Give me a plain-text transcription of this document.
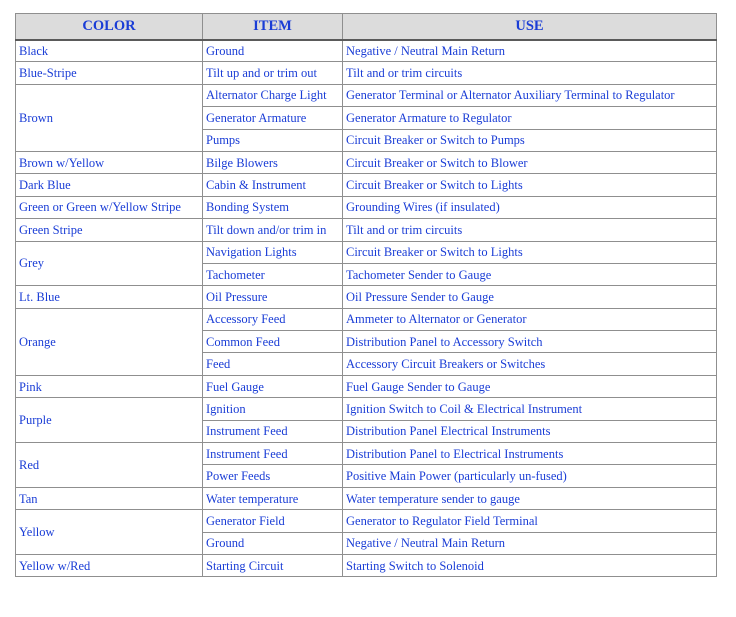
COLOR	ITEM	USE
Black	Ground	Negative / Neutral Main Return
Blue-Stripe	Tilt up and or trim out	Tilt and or trim circuits
Brown	Alternator Charge Light	Generator Terminal or Alternator Auxiliary Terminal to Regulator
	Generator Armature	Generator Armature to Regulator
	Pumps	Circuit Breaker or Switch to Pumps
Brown w/Yellow	Bilge Blowers	Circuit Breaker or Switch to Blower
Dark Blue	Cabin & Instrument	Circuit Breaker or Switch to Lights
Green or Green w/Yellow Stripe	Bonding System	Grounding Wires (if insulated)
Green Stripe	Tilt down and/or trim in	Tilt and or trim circuits
Grey	Navigation Lights	Circuit Breaker or Switch to Lights
	Tachometer	Tachometer Sender to Gauge
Lt. Blue	Oil Pressure	Oil Pressure Sender to Gauge
Orange	Accessory Feed	Ammeter to Alternator or Generator
	Common Feed	Distribution Panel to Accessory Switch
	Feed	Accessory Circuit Breakers or Switches
Pink	Fuel Gauge	Fuel Gauge Sender to Gauge
Purple	Ignition	Ignition Switch to Coil & Electrical Instrument
	Instrument Feed	Distribution Panel Electrical Instruments
Red	Instrument Feed	Distribution Panel to Electrical Instruments
	Power Feeds	Positive Main Power (particularly un-fused)
Tan	Water temperature	Water temperature sender to gauge
Yellow	Generator Field	Generator to Regulator Field Terminal
	Ground	Negative / Neutral Main Return
Yellow w/Red	Starting Circuit	Starting Switch to Solenoid
